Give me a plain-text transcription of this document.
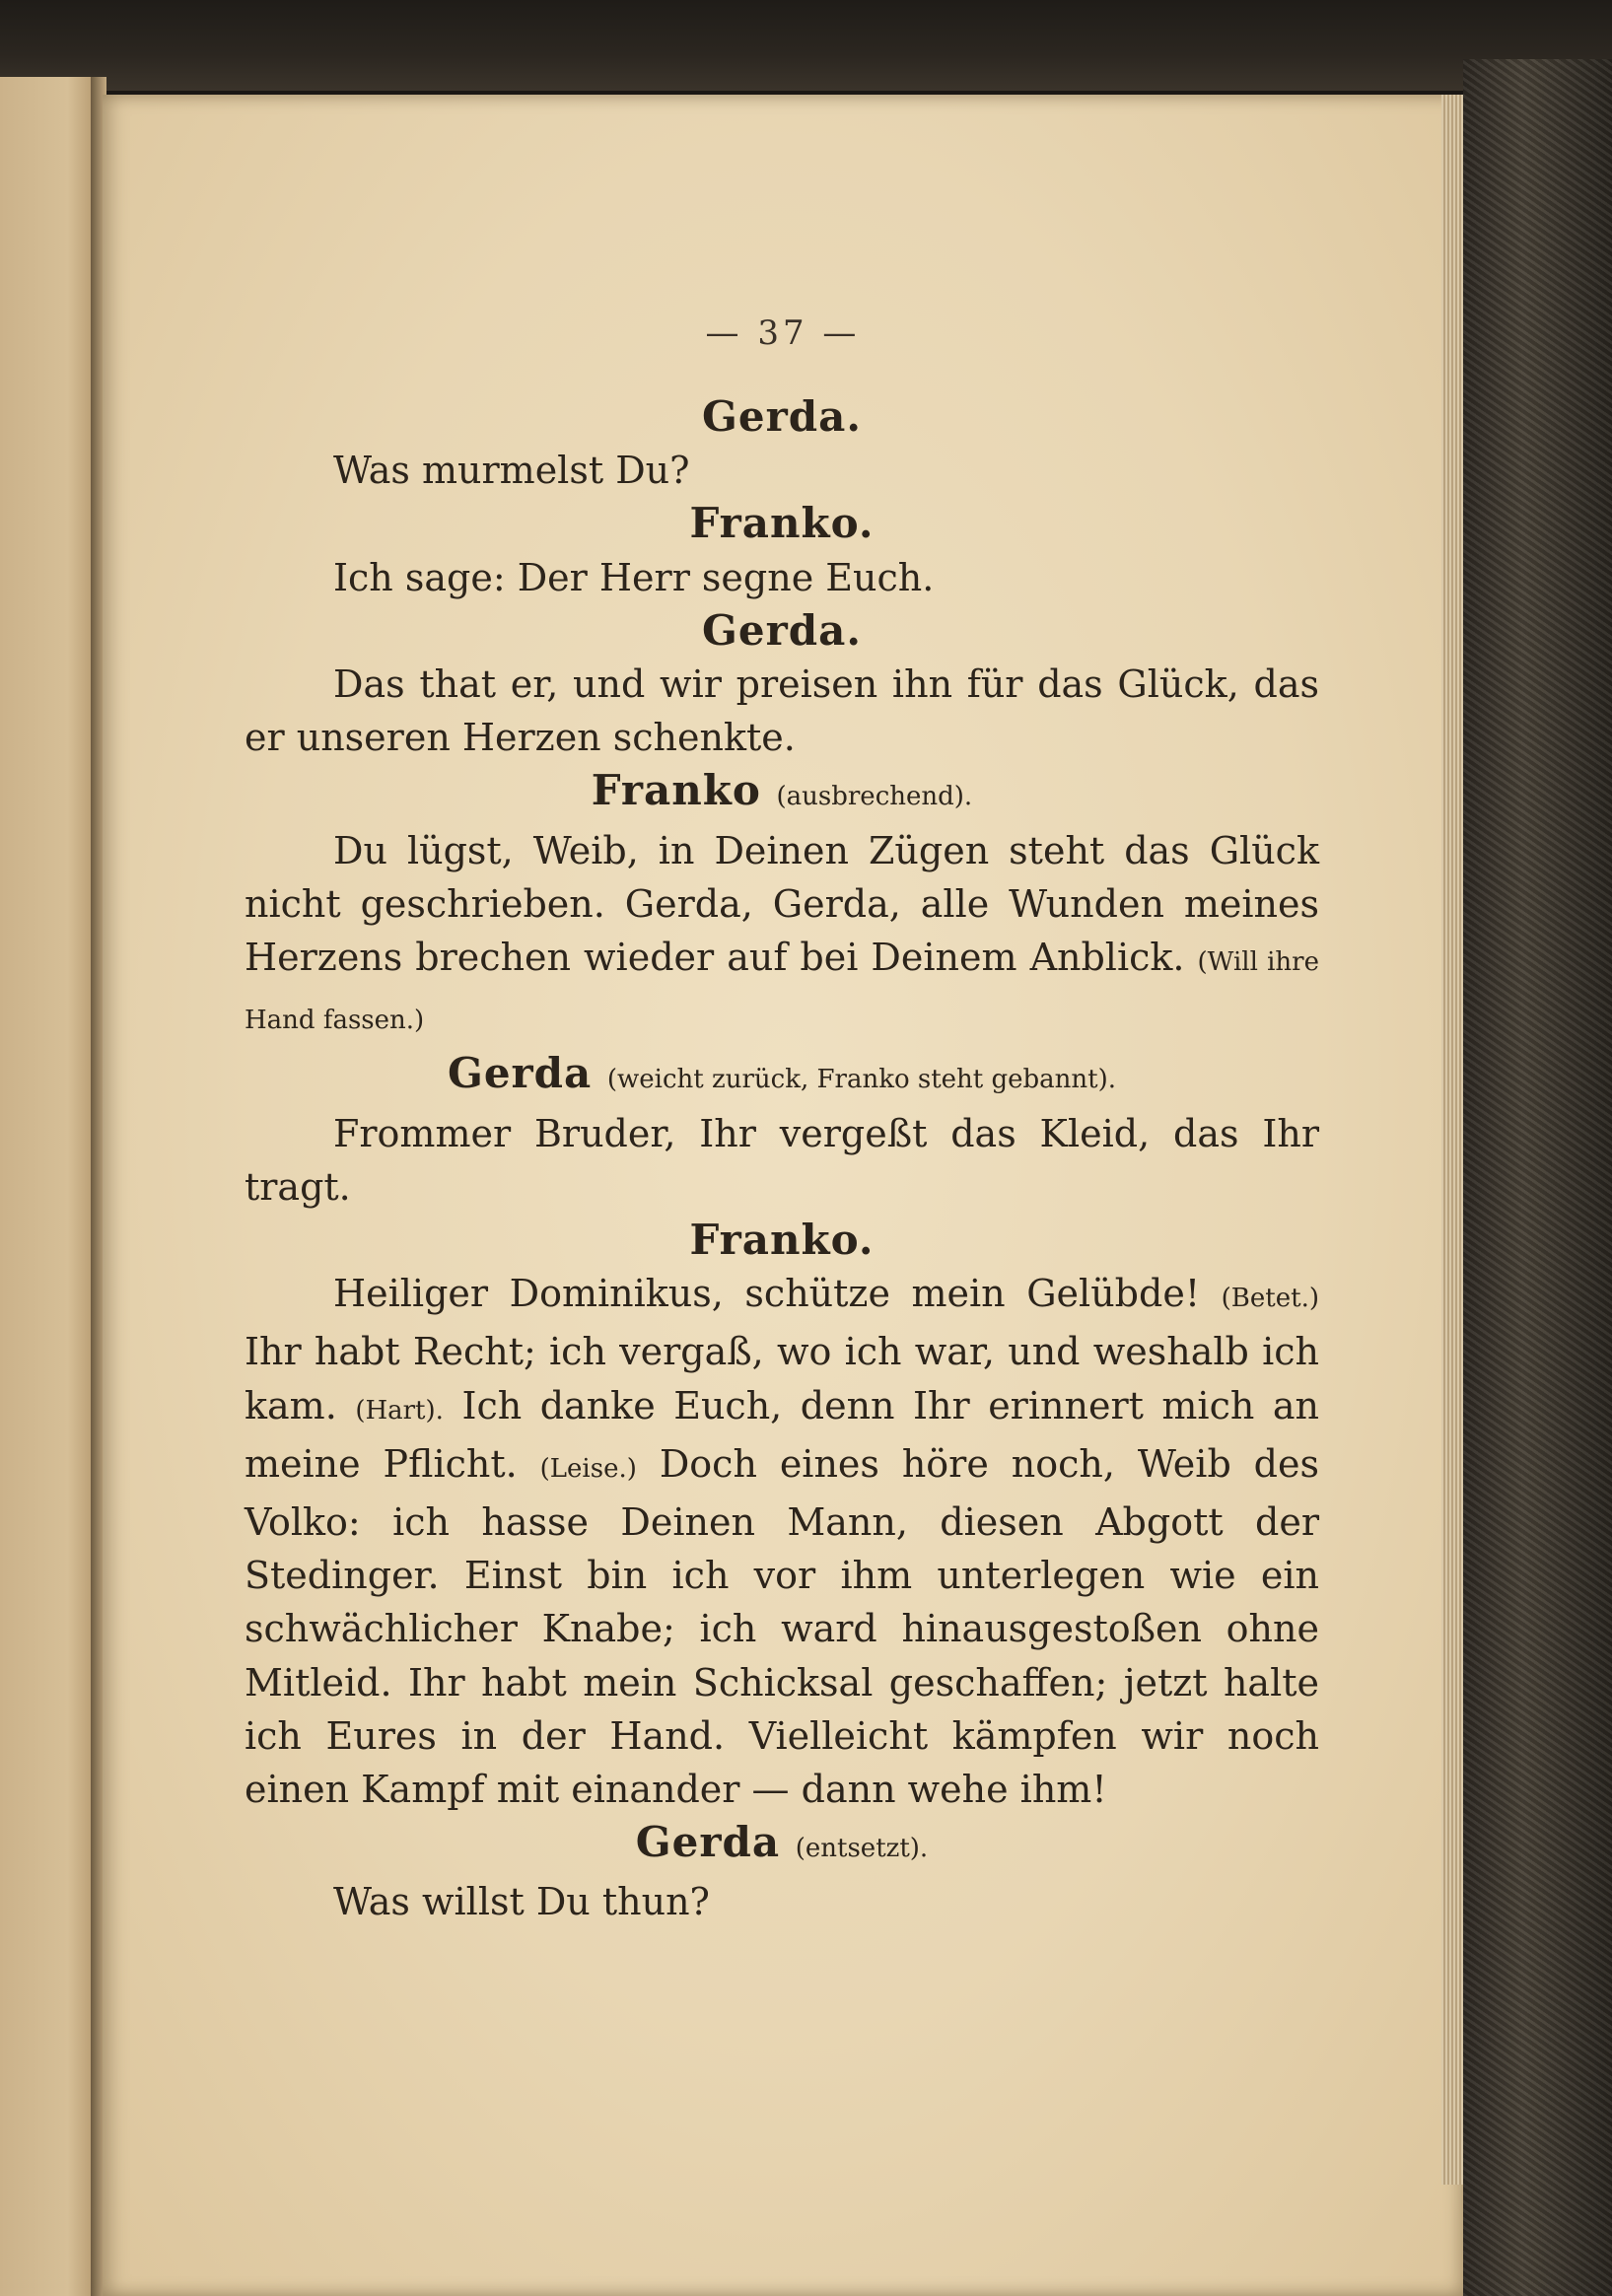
— 37 —
Gerda.
Was murmelst Du?
Franko.
Ich sage: Der Herr segne Euch.
Gerda.
Das that er, und wir preisen ihn für das Glück, das er unseren Herzen schenkte.
Franko (ausbrechend).
Du lügst, Weib, in Deinen Zügen steht das Glück nicht geschrieben. Gerda, Gerda, alle Wunden meines Herzens brechen wieder auf bei Deinem Anblick. (Will ihre Hand fassen.)
Gerda (weicht zurück, Franko steht gebannt).
Frommer Bruder, Ihr vergeßt das Kleid, das Ihr tragt.
Franko.
Heiliger Dominikus, schütze mein Gelübde! (Betet.) Ihr habt Recht; ich vergaß, wo ich war, und weshalb ich kam. (Hart). Ich danke Euch, denn Ihr erinnert mich an meine Pflicht. (Leise.) Doch eines höre noch, Weib des Volko: ich hasse Deinen Mann, diesen Abgott der Stedinger. Einst bin ich vor ihm unterlegen wie ein schwächlicher Knabe; ich ward hinausgestoßen ohne Mitleid. Ihr habt mein Schicksal geschaffen; jetzt halte ich Eures in der Hand. Vielleicht kämpfen wir noch einen Kampf mit einander — dann wehe ihm!
Gerda (entsetzt).
Was willst Du thun?
